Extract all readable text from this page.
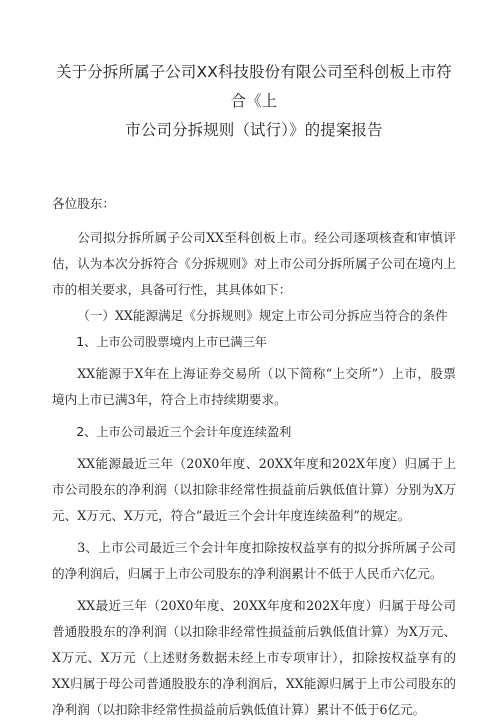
关于分拆所属子公司XX科技股份有限公司至科创板上市符合《上
市公司分拆规则（试行）》的提案报告

各位股东：

公司拟分拆所属子公司XX至科创板上市。经公司逐项核查和审慎评估，认为本次分拆符合《分拆规则》对上市公司分拆所属子公司在境内上市的相关要求，具备可行性，其具体如下：

（一）XX能源满足《分拆规则》规定上市公司分拆应当符合的条件

1、上市公司股票境内上市已满三年

XX能源于X年在上海证券交易所（以下简称“上交所”）上市，股票境内上市已满3年，符合上市持续期要求。

2、上市公司最近三个会计年度连续盈利

XX能源最近三年（20X0年度、20XX年度和202X年度）归属于上市公司股东的净利润（以扣除非经常性损益前后孰低值计算）分别为X万元、X万元、X万元，符合“最近三个会计年度连续盈利”的规定。

3、上市公司最近三个会计年度扣除按权益享有的拟分拆所属子公司的净利润后，归属于上市公司股东的净利润累计不低于人民币六亿元。

XX最近三年（20X0年度、20XX年度和202X年度）归属于母公司普通股股东的净利润（以扣除非经常性损益前后孰低值计算）为X万元、X万元、X万元（上述财务数据未经上市专项审计），扣除按权益享有的XX归属于母公司普通股股东的净利润后，XX能源归属于上市公司股东的净利润（以扣除非经常性损益前后孰低值计算）累计不低于6亿元。
